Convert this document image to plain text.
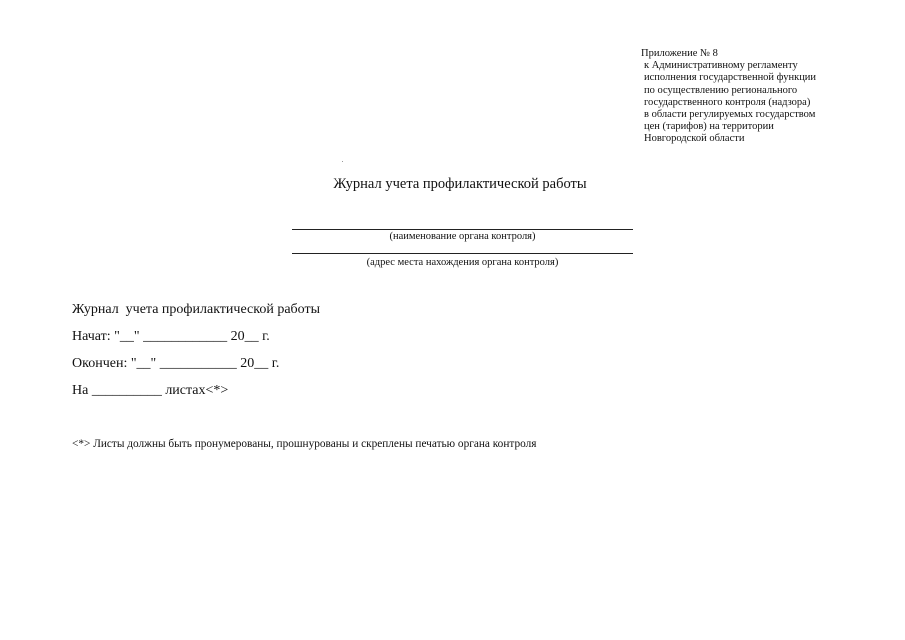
Приложение № 8
к Административному регламенту
исполнения государственной функции
по осуществлению регионального
государственного контроля (надзора)
в области регулируемых государством
цен (тарифов) на территории
Новгородской области
Журнал учета профилактической работы
(наименование органа контроля)
(адрес места нахождения органа контроля)
Журнал  учета профилактической работы
Начат: "__" ____________ 20__ г.
Окончен: "__" ___________ 20__ г.
На __________ листах<*>
<*> Листы должны быть пронумерованы, прошнурованы и скреплены печатью органа контроля
